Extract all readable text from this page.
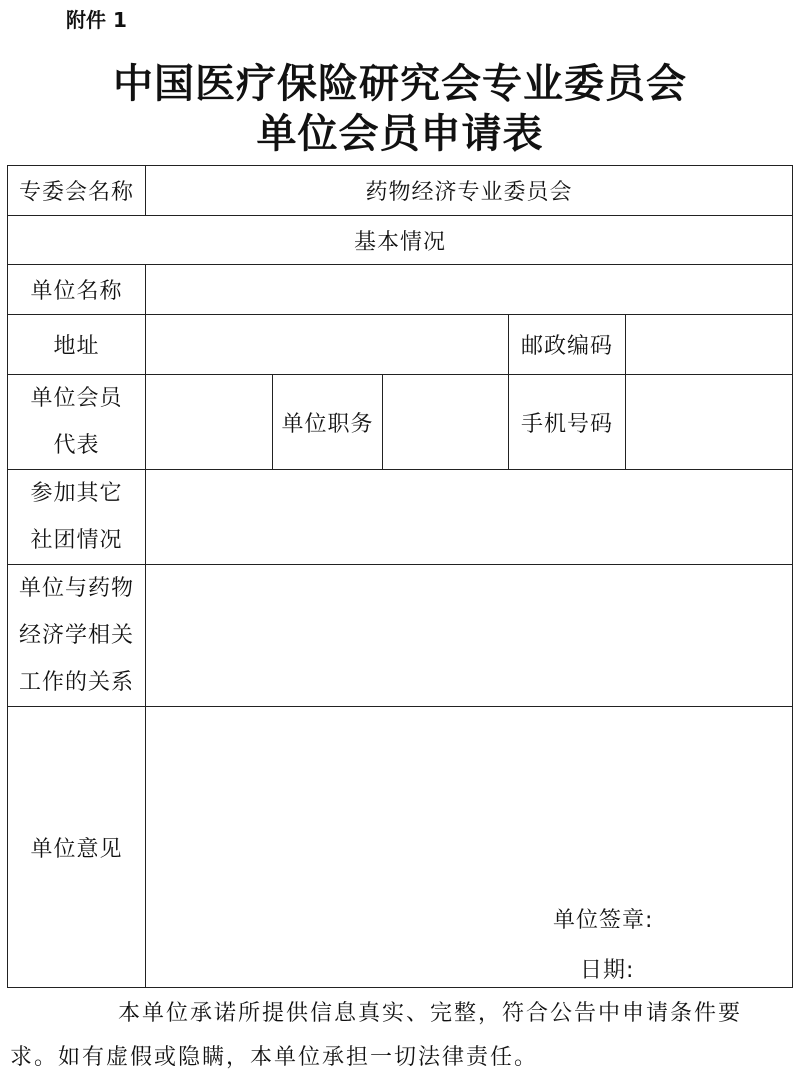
附件 1
中国医疗保险研究会专业委员会
单位会员申请表
专委会名称	药物经济专业委员会				
基本情况					
单位名称					
地址				邮政编码	

单位会员
代表		单位职务		手机号码	

参加其它
社团情况					

单位与药物
经济学相关
工作的关系					

单位意见					
单位签章:
日期:

本单位承诺所提供信息真实、完整，符合公告中申请条件要求。如有虚假或隐瞒，本单位承担一切法律责任。
